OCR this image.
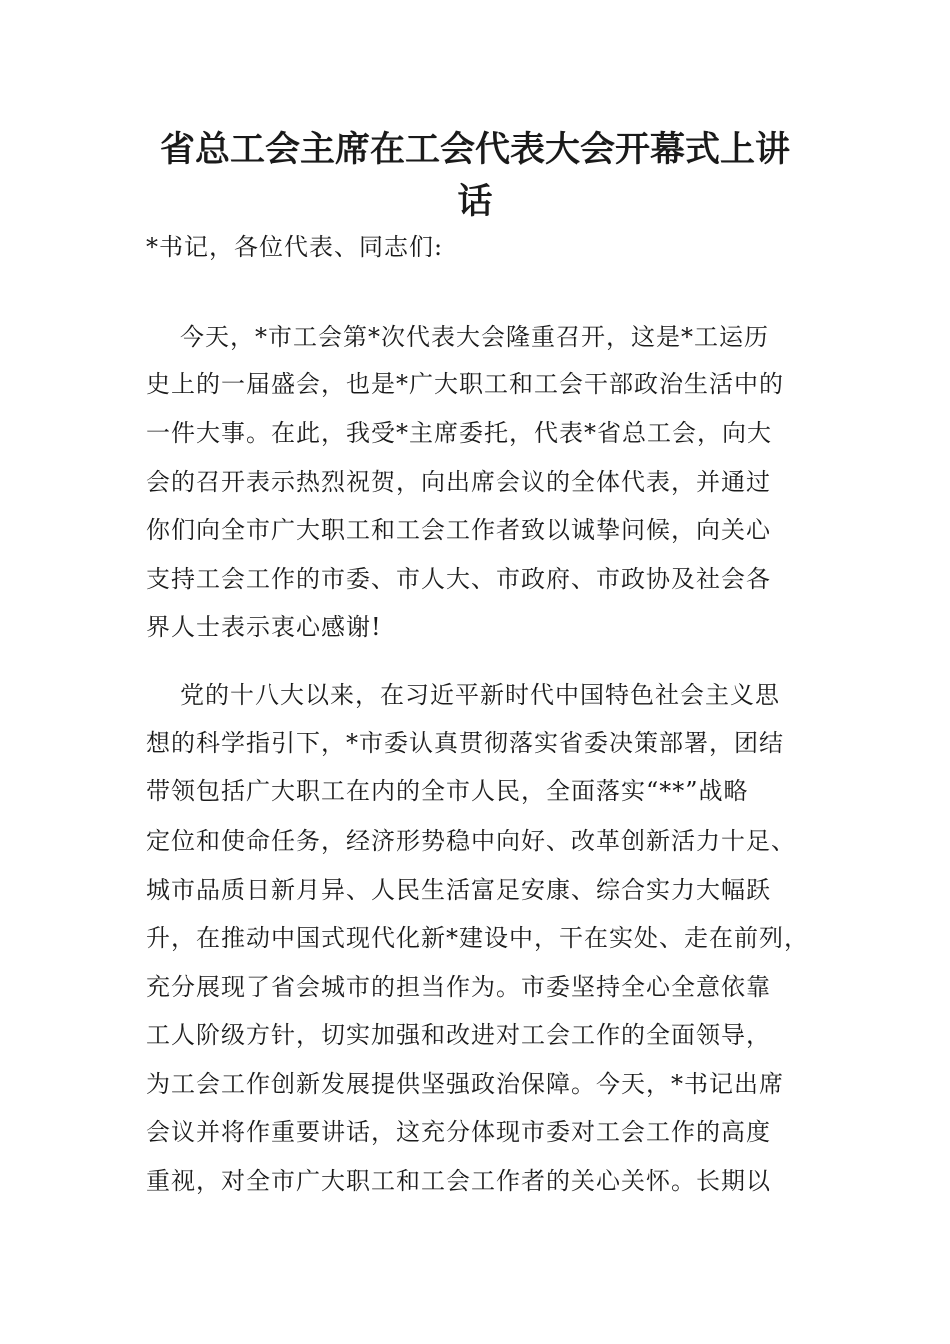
省总工会主席在工会代表大会开幕式上讲
话
*书记，各位代表、同志们:
今天，*市工会第*次代表大会隆重召开，这是*工运历
史上的一届盛会，也是*广大职工和工会干部政治生活中的
一件大事。在此，我受*主席委托，代表*省总工会，向大
会的召开表示热烈祝贺，向出席会议的全体代表，并通过
你们向全市广大职工和工会工作者致以诚挚问候，向关心
支持工会工作的市委、市人大、市政府、市政协及社会各
界人士表示衷心感谢!
党的十八大以来，在习近平新时代中国特色社会主义思
想的科学指引下，*市委认真贯彻落实省委决策部署，团结
带领包括广大职工在内的全市人民，全面落实“**”战略
定位和使命任务，经济形势稳中向好、改革创新活力十足、
城市品质日新月异、人民生活富足安康、综合实力大幅跃
升，在推动中国式现代化新*建设中，干在实处、走在前列，
充分展现了省会城市的担当作为。市委坚持全心全意依靠
工人阶级方针，切实加强和改进对工会工作的全面领导，
为工会工作创新发展提供坚强政治保障。今天，*书记出席
会议并将作重要讲话，这充分体现市委对工会工作的高度
重视，对全市广大职工和工会工作者的关心关怀。长期以
